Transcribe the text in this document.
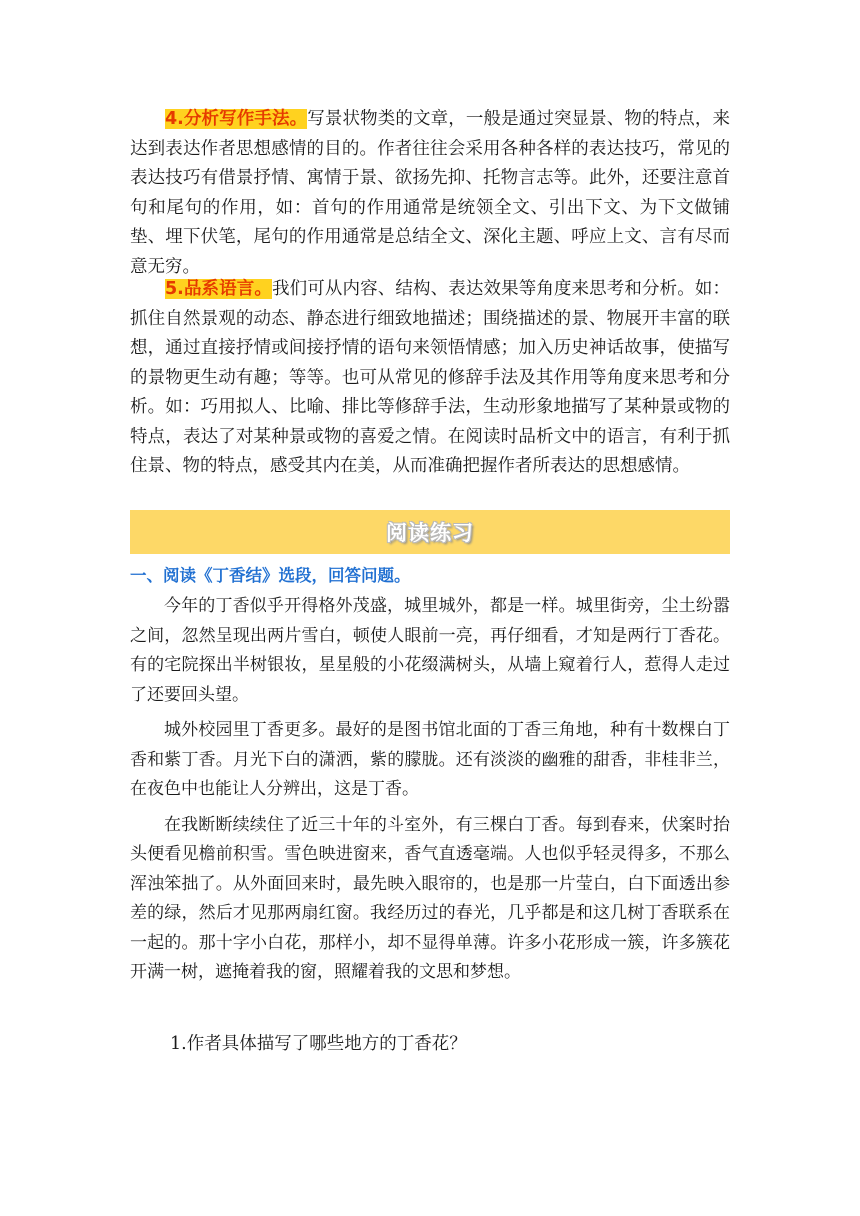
4.分析写作手法。写景状物类的文章，一般是通过突显景、物的特点，来达到表达作者思想感情的目的。作者往往会采用各种各样的表达技巧，常见的表达技巧有借景抒情、寓情于景、欲扬先抑、托物言志等。此外，还要注意首句和尾句的作用，如：首句的作用通常是统领全文、引出下文、为下文做铺垫、埋下伏笔，尾句的作用通常是总结全文、深化主题、呼应上文、言有尽而意无穷。

5.品系语言。我们可从内容、结构、表达效果等角度来思考和分析。如：抓住自然景观的动态、静态进行细致地描述；围绕描述的景、物展开丰富的联想，通过直接抒情或间接抒情的语句来领悟情感；加入历史神话故事，使描写的景物更生动有趣；等等。也可从常见的修辞手法及其作用等角度来思考和分析。如：巧用拟人、比喻、排比等修辞手法，生动形象地描写了某种景或物的特点，表达了对某种景或物的喜爱之情。在阅读时品析文中的语言，有利于抓住景、物的特点，感受其内在美，从而准确把握作者所表达的思想感情。

阅读练习

一、阅读《丁香结》选段，回答问题。

今年的丁香似乎开得格外茂盛，城里城外，都是一样。城里街旁，尘土纷嚣之间，忽然呈现出两片雪白，顿使人眼前一亮，再仔细看，才知是两行丁香花。有的宅院探出半树银妆，星星般的小花缀满树头，从墙上窥着行人，惹得人走过了还要回头望。

城外校园里丁香更多。最好的是图书馆北面的丁香三角地，种有十数棵白丁香和紫丁香。月光下白的潇洒，紫的朦胧。还有淡淡的幽雅的甜香，非桂非兰，在夜色中也能让人分辨出，这是丁香。

在我断断续续住了近三十年的斗室外，有三棵白丁香。每到春来，伏案时抬头便看见檐前积雪。雪色映进窗来，香气直透毫端。人也似乎轻灵得多，不那么浑浊笨拙了。从外面回来时，最先映入眼帘的，也是那一片莹白，白下面透出参差的绿，然后才见那两扇红窗。我经历过的春光，几乎都是和这几树丁香联系在一起的。那十字小白花，那样小，却不显得单薄。许多小花形成一簇，许多簇花开满一树，遮掩着我的窗，照耀着我的文思和梦想。

1.作者具体描写了哪些地方的丁香花？
